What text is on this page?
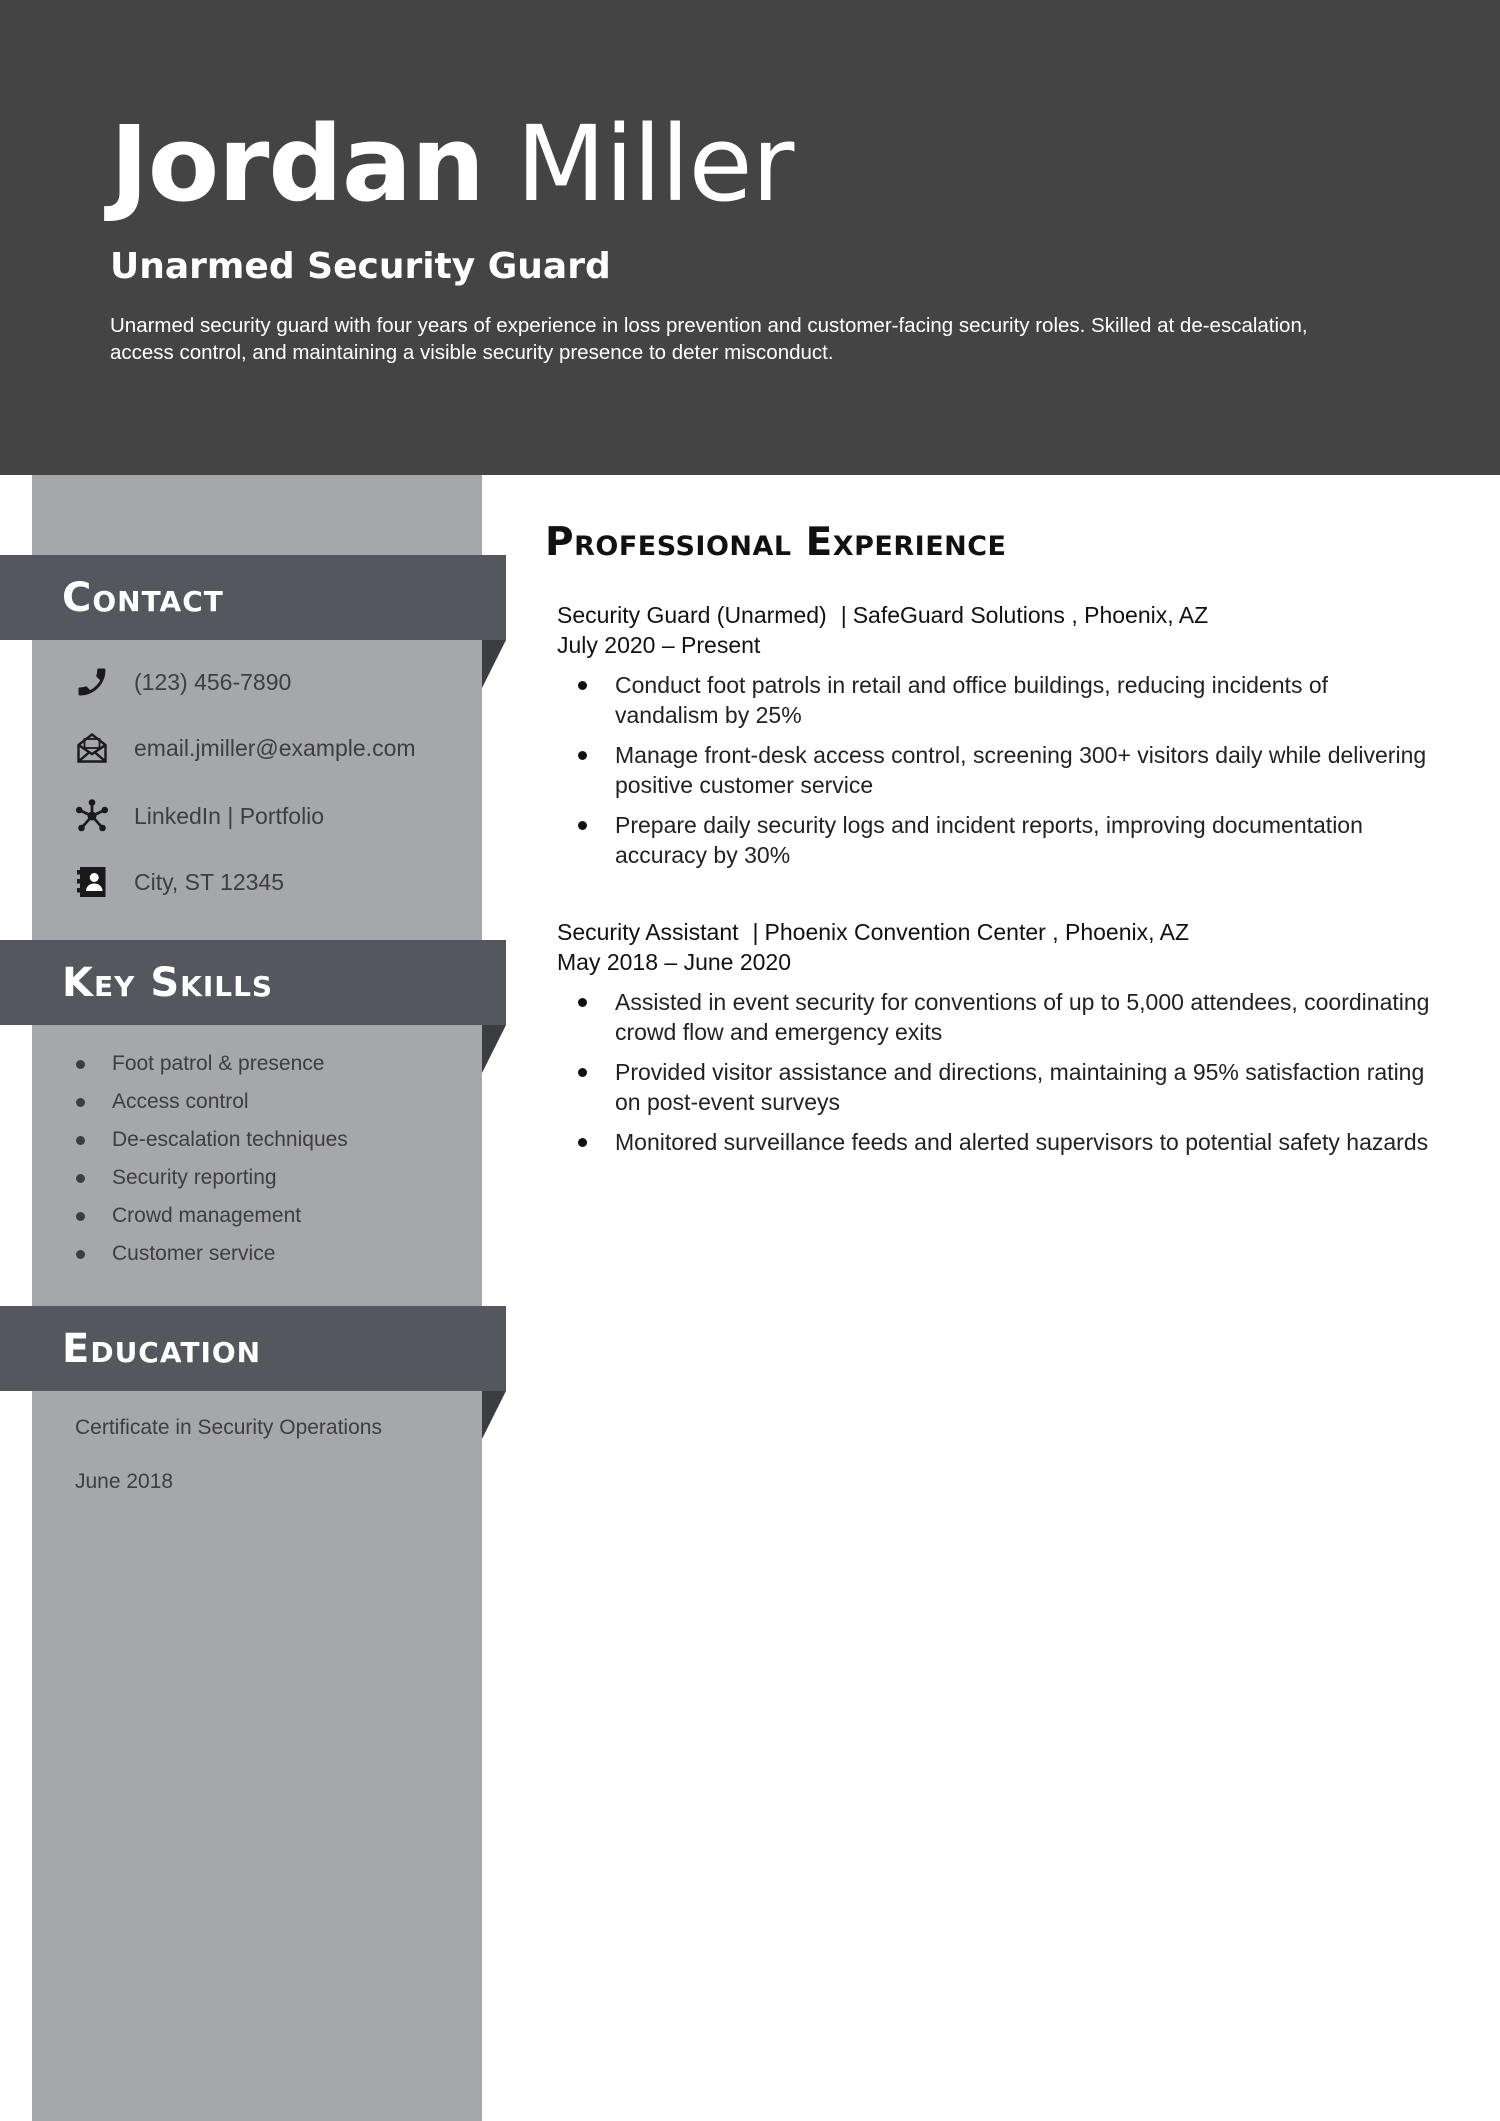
Jordan Miller
Unarmed Security Guard
Unarmed security guard with four years of experience in loss prevention and customer-facing security roles. Skilled at de-escalation, access control, and maintaining a visible security presence to deter misconduct.
Contact
(123) 456-7890
email.jmiller@example.com
LinkedIn | Portfolio
City, ST 12345
Key Skills
Foot patrol & presence
Access control
De-escalation techniques
Security reporting
Crowd management
Customer service
Education
Certificate in Security Operations
June 2018
Professional Experience
Security Guard (Unarmed) | SafeGuard Solutions , Phoenix, AZ
July 2020 – Present
Conduct foot patrols in retail and office buildings, reducing incidents of vandalism by 25%
Manage front-desk access control, screening 300+ visitors daily while delivering positive customer service
Prepare daily security logs and incident reports, improving documentation accuracy by 30%
Security Assistant | Phoenix Convention Center , Phoenix, AZ
May 2018 – June 2020
Assisted in event security for conventions of up to 5,000 attendees, coordinating crowd flow and emergency exits
Provided visitor assistance and directions, maintaining a 95% satisfaction rating on post-event surveys
Monitored surveillance feeds and alerted supervisors to potential safety hazards
